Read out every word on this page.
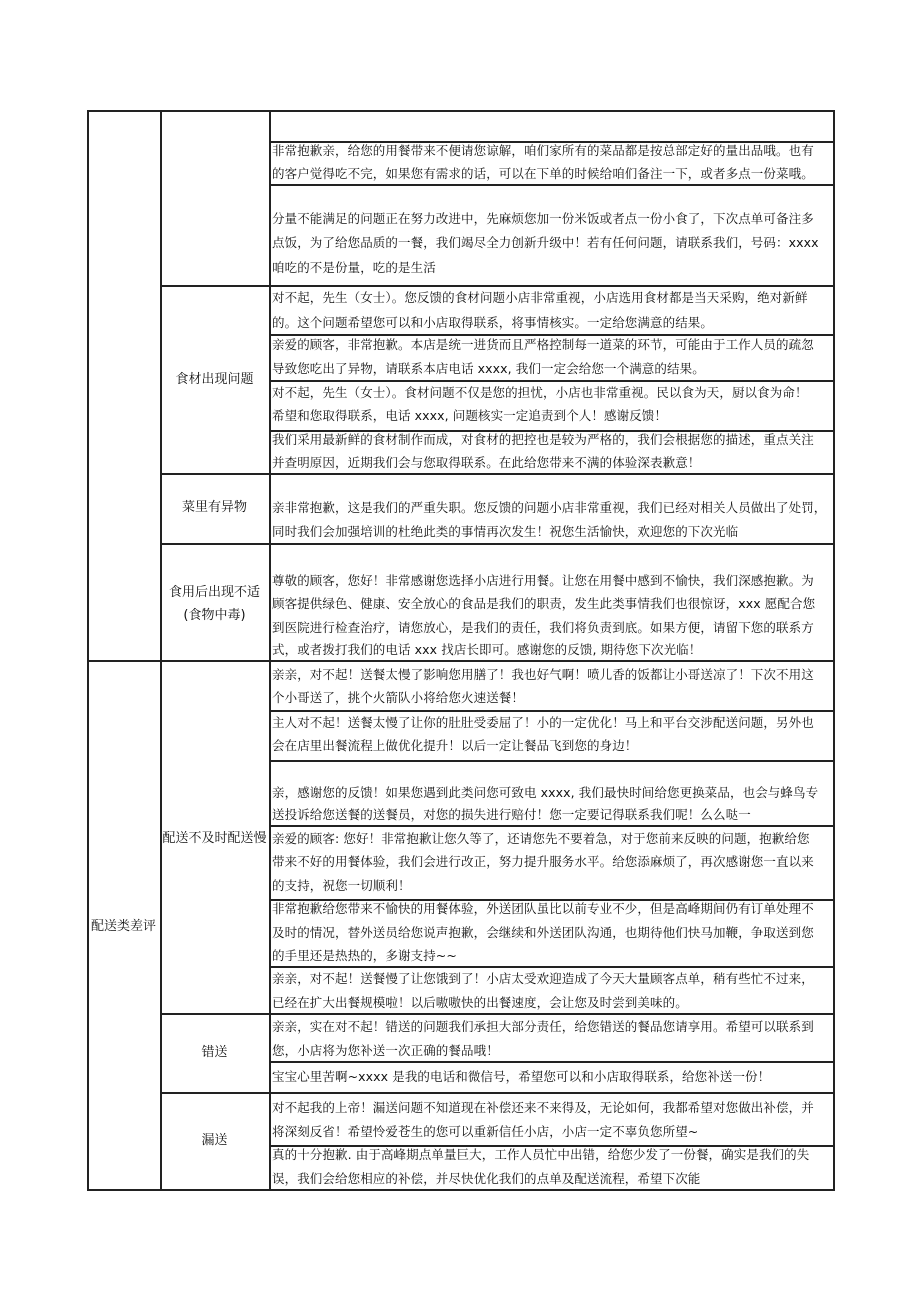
配送类差评
食材出现问题
菜里有异物
食用后出现不适
(食物中毒)
配送不及时配送慢
错送
漏送
非常抱歉亲，给您的用餐带来不便请您谅解，咱们家所有的菜品都是按总部定好的量出品哦。也有
的客户觉得吃不完，如果您有需求的话，可以在下单的时候给咱们备注一下，或者多点一份菜哦。
分量不能满足的问题正在努力改进中，先麻烦您加一份米饭或者点一份小食了，下次点单可备注多
点饭，为了给您品质的一餐，我们竭尽全力创新升级中！若有任何问题，请联系我们，号码：xxxx
咱吃的不是份量，吃的是生活
对不起，先生（女士）。您反馈的食材问题小店非常重视，小店选用食材都是当天采购，绝对新鲜
的。这个问题希望您可以和小店取得联系，将事情核实。一定给您满意的结果。
亲爱的顾客，非常抱歉。本店是统一进货而且严格控制每一道菜的环节，可能由于工作人员的疏忽
导致您吃出了异物，请联系本店电话 xxxx, 我们一定会给您一个满意的结果。
对不起，先生（女士）。食材问题不仅是您的担忧，小店也非常重视。民以食为天，厨以食为命！
希望和您取得联系，电话 xxxx, 问题核实一定追责到个人！感谢反馈！
我们采用最新鲜的食材制作而成，对食材的把控也是较为严格的，我们会根据您的描述，重点关注
并查明原因，近期我们会与您取得联系。在此给您带来不满的体验深表歉意！
亲非常抱歉，这是我们的严重失职。您反馈的问题小店非常重视，我们已经对相关人员做出了处罚，
同时我们会加强培训的杜绝此类的事情再次发生！祝您生活愉快，欢迎您的下次光临
尊敬的顾客，您好！非常感谢您选择小店进行用餐。让您在用餐中感到不愉快，我们深感抱歉。为
顾客提供绿色、健康、安全放心的食品是我们的职责，发生此类事情我们也很惊讶，xxx 愿配合您
到医院进行检查治疗，请您放心，是我们的责任，我们将负责到底。如果方便，请留下您的联系方
式，或者拨打我们的电话 xxx 找店长即可。感谢您的反馈, 期待您下次光临！
亲亲，对不起！送餐太慢了影响您用膳了！我也好气啊！喷儿香的饭都让小哥送凉了！下次不用这
个小哥送了，挑个火箭队小将给您火速送餐！
主人对不起！送餐太慢了让你的肚肚受委屈了！小的一定优化！马上和平台交涉配送问题，另外也
会在店里出餐流程上做优化提升！以后一定让餐品飞到您的身边！
亲，感谢您的反馈！如果您遇到此类问您可致电 xxxx, 我们最快时间给您更换菜品，也会与蜂鸟专
送投诉给您送餐的送餐员，对您的损失进行赔付！您一定要记得联系我们呢！么么哒一
亲爱的顾客: 您好！非常抱歉让您久等了，还请您先不要着急，对于您前来反映的问题，抱歉给您
带来不好的用餐体验，我们会进行改正，努力提升服务水平。给您添麻烦了，再次感谢您一直以来
的支持，祝您一切顺利！
非常抱歉给您带来不愉快的用餐体验，外送团队虽比以前专业不少，但是高峰期间仍有订单处理不
及时的情况，替外送员给您说声抱歉，会继续和外送团队沟通，也期待他们快马加鞭，争取送到您
的手里还是热热的，多谢支持~~
亲亲，对不起！送餐慢了让您饿到了！小店太受欢迎造成了今天大量顾客点单，稍有些忙不过来，
已经在扩大出餐规模啦！以后嗷嗷快的出餐速度，会让您及时尝到美味的。
亲亲，实在对不起！错送的问题我们承担大部分责任，给您错送的餐品您请享用。希望可以联系到
您，小店将为您补送一次正确的餐品哦！
宝宝心里苦啊~xxxx 是我的电话和微信号，希望您可以和小店取得联系，给您补送一份！
对不起我的上帝！漏送问题不知道现在补偿还来不来得及，无论如何，我都希望对您做出补偿，并
将深刻反省！希望怜爱苍生的您可以重新信任小店，小店一定不辜负您所望~
真的十分抱歉. 由于高峰期点单量巨大，工作人员忙中出错，给您少发了一份餐，确实是我们的失
误，我们会给您相应的补偿，并尽快优化我们的点单及配送流程，希望下次能
